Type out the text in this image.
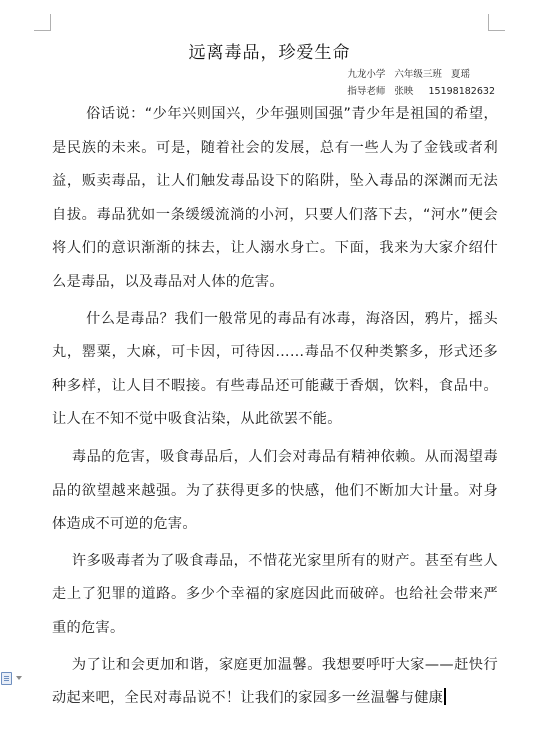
远离毒品，珍爱生命
九龙小学   六年级三班   夏瑶
指导老师   张映     15198182632

俗话说：“少年兴则国兴，少年强则国强”青少年是祖国的希望，是民族的未来。可是，随着社会的发展，总有一些人为了金钱或者利益，贩卖毒品，让人们触发毒品设下的陷阱，坠入毒品的深渊而无法自拔。毒品犹如一条缓缓流淌的小河，只要人们落下去，“河水”便会将人们的意识渐渐的抹去，让人溺水身亡。下面，我来为大家介绍什么是毒品，以及毒品对人体的危害。

什么是毒品？我们一般常见的毒品有冰毒，海洛因，鸦片，摇头丸，罂粟，大麻，可卡因，可待因……毒品不仅种类繁多，形式还多种多样，让人目不暇接。有些毒品还可能藏于香烟，饮料，食品中。让人在不知不觉中吸食沾染，从此欲罢不能。

毒品的危害，吸食毒品后，人们会对毒品有精神依赖。从而渴望毒品的欲望越来越强。为了获得更多的快感，他们不断加大计量。对身体造成不可逆的危害。

许多吸毒者为了吸食毒品，不惜花光家里所有的财产。甚至有些人走上了犯罪的道路。多少个幸福的家庭因此而破碎。也给社会带来严重的危害。

为了让和会更加和谐，家庭更加温馨。我想要呼吁大家——赶快行动起来吧，全民对毒品说不！让我们的家园多一丝温馨与健康
